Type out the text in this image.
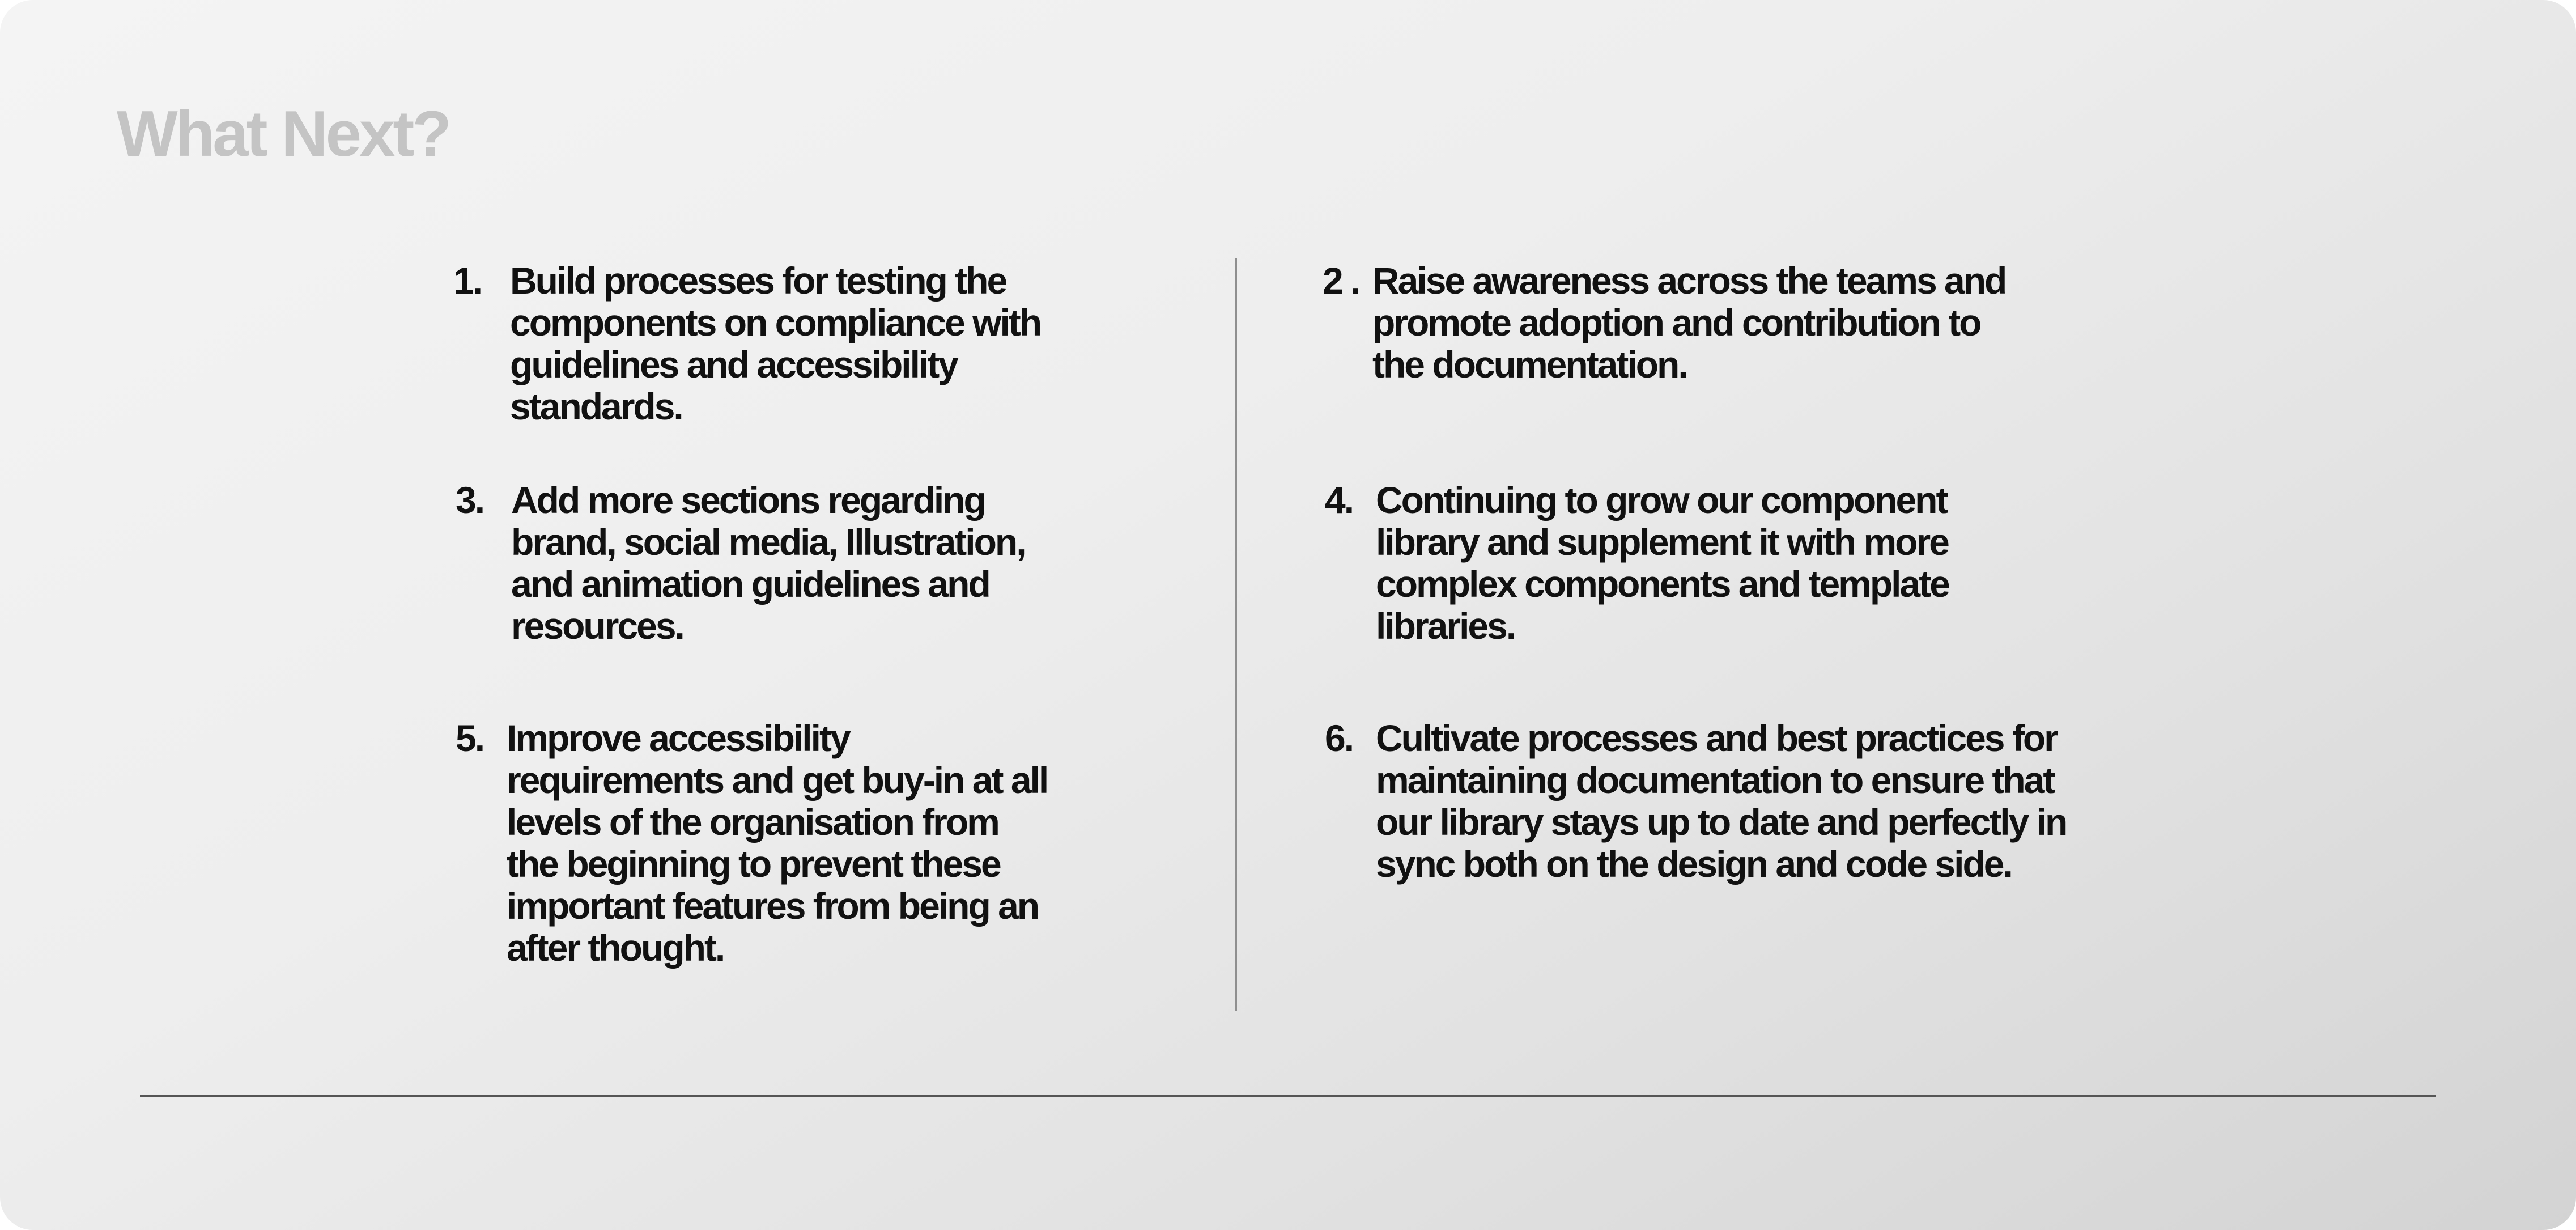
What Next?
1. Build processes for testing the
components on compliance with
guidelines and accessibility
standards.

2 . Raise awareness across the teams and
promote adoption and contribution to
the documentation.

3. Add more sections regarding
brand, social media, Illustration,
and animation guidelines and
resources.

4. Continuing to grow our component
library and supplement it with more
complex components and template
libraries.

5. Improve accessibility
requirements and get buy-in at all
levels of the organisation from
the beginning to prevent these
important features from being an
after thought.

6. Cultivate processes and best practices for
maintaining documentation to ensure that
our library stays up to date and perfectly in
sync both on the design and code side.
